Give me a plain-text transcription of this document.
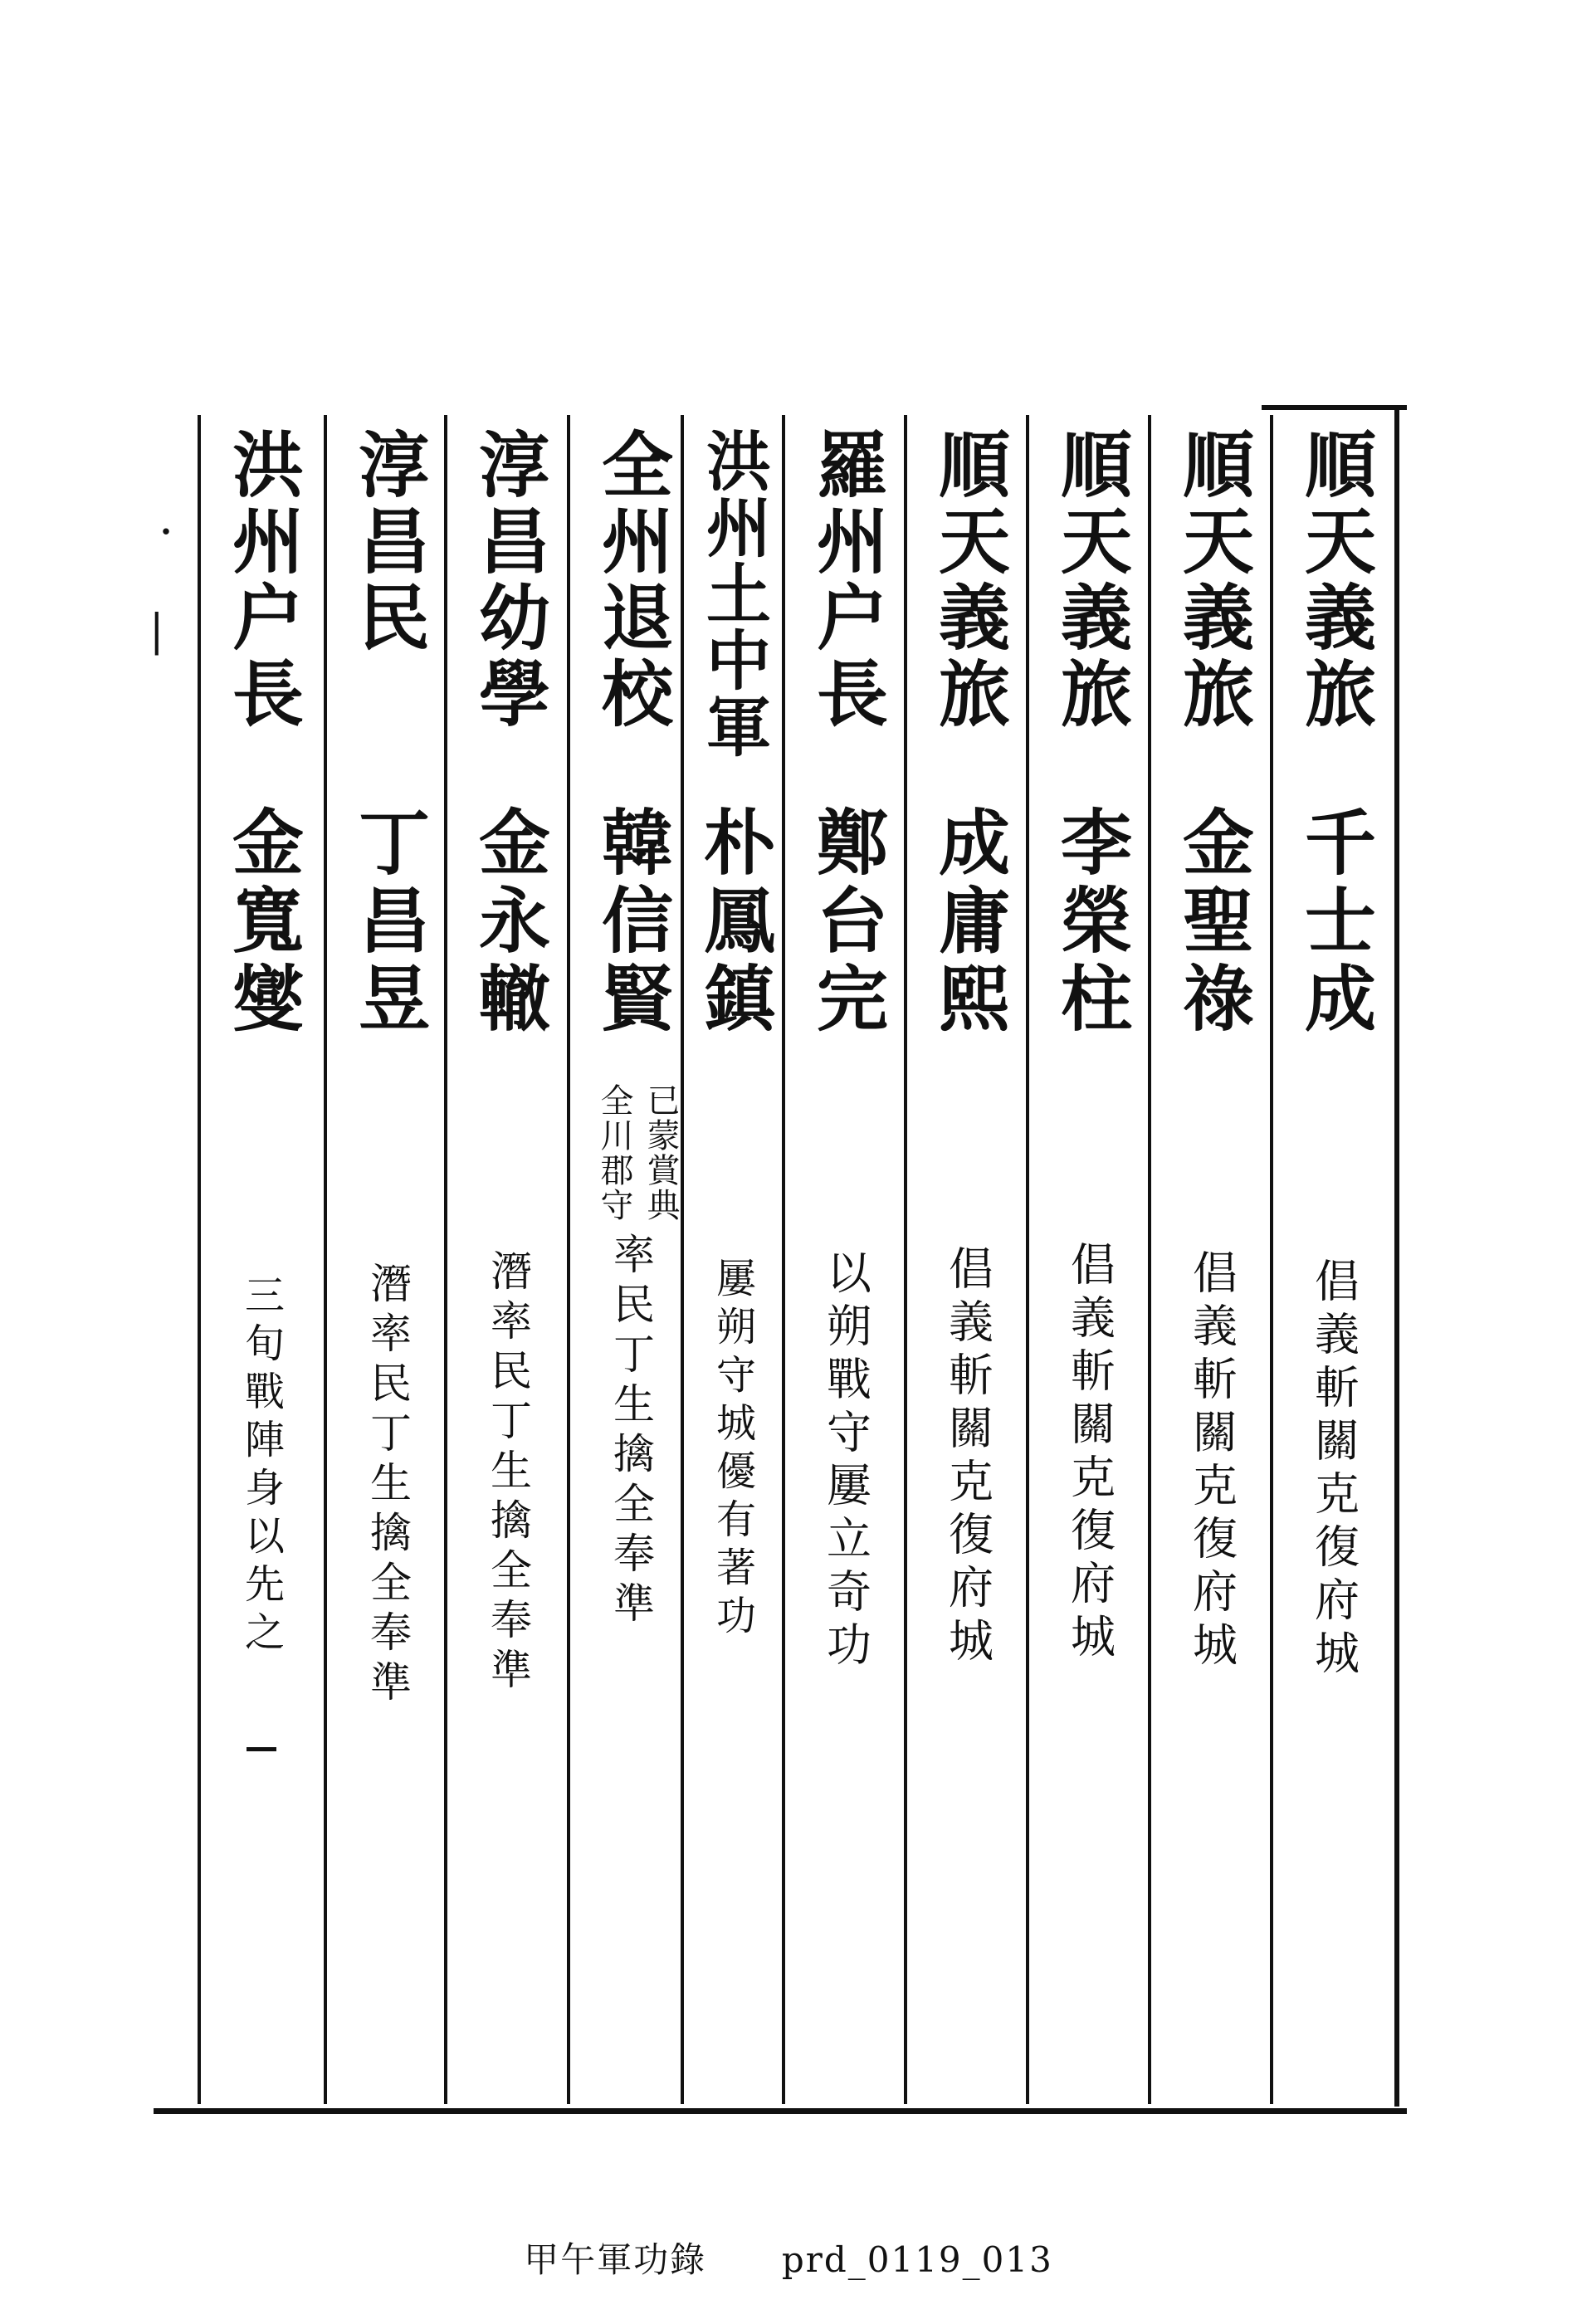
･
|	順天義旅
千士成
倡義斬關克復府城
順天義旅
金聖祿
倡義斬關克復府城
順天義旅
李榮柱
倡義斬關克復府城
順天義旅
成庸熙
倡義斬關克復府城
羅州户長
鄭台完
以朔戰守屢立奇功
洪州土中軍
朴鳳鎮
屢朔守城優有著功
全州退校
韓信賢
已蒙賞典
全川郡守
率民丁生擒全奉準
淳昌幼學
金永轍
潛率民丁生擒全奉準
淳昌民
丁昌昱
潛率民丁生擒全奉準
洪州户長
金寬燮
三旬戰陣身以先之
甲午軍功錄 prd_0119_013
